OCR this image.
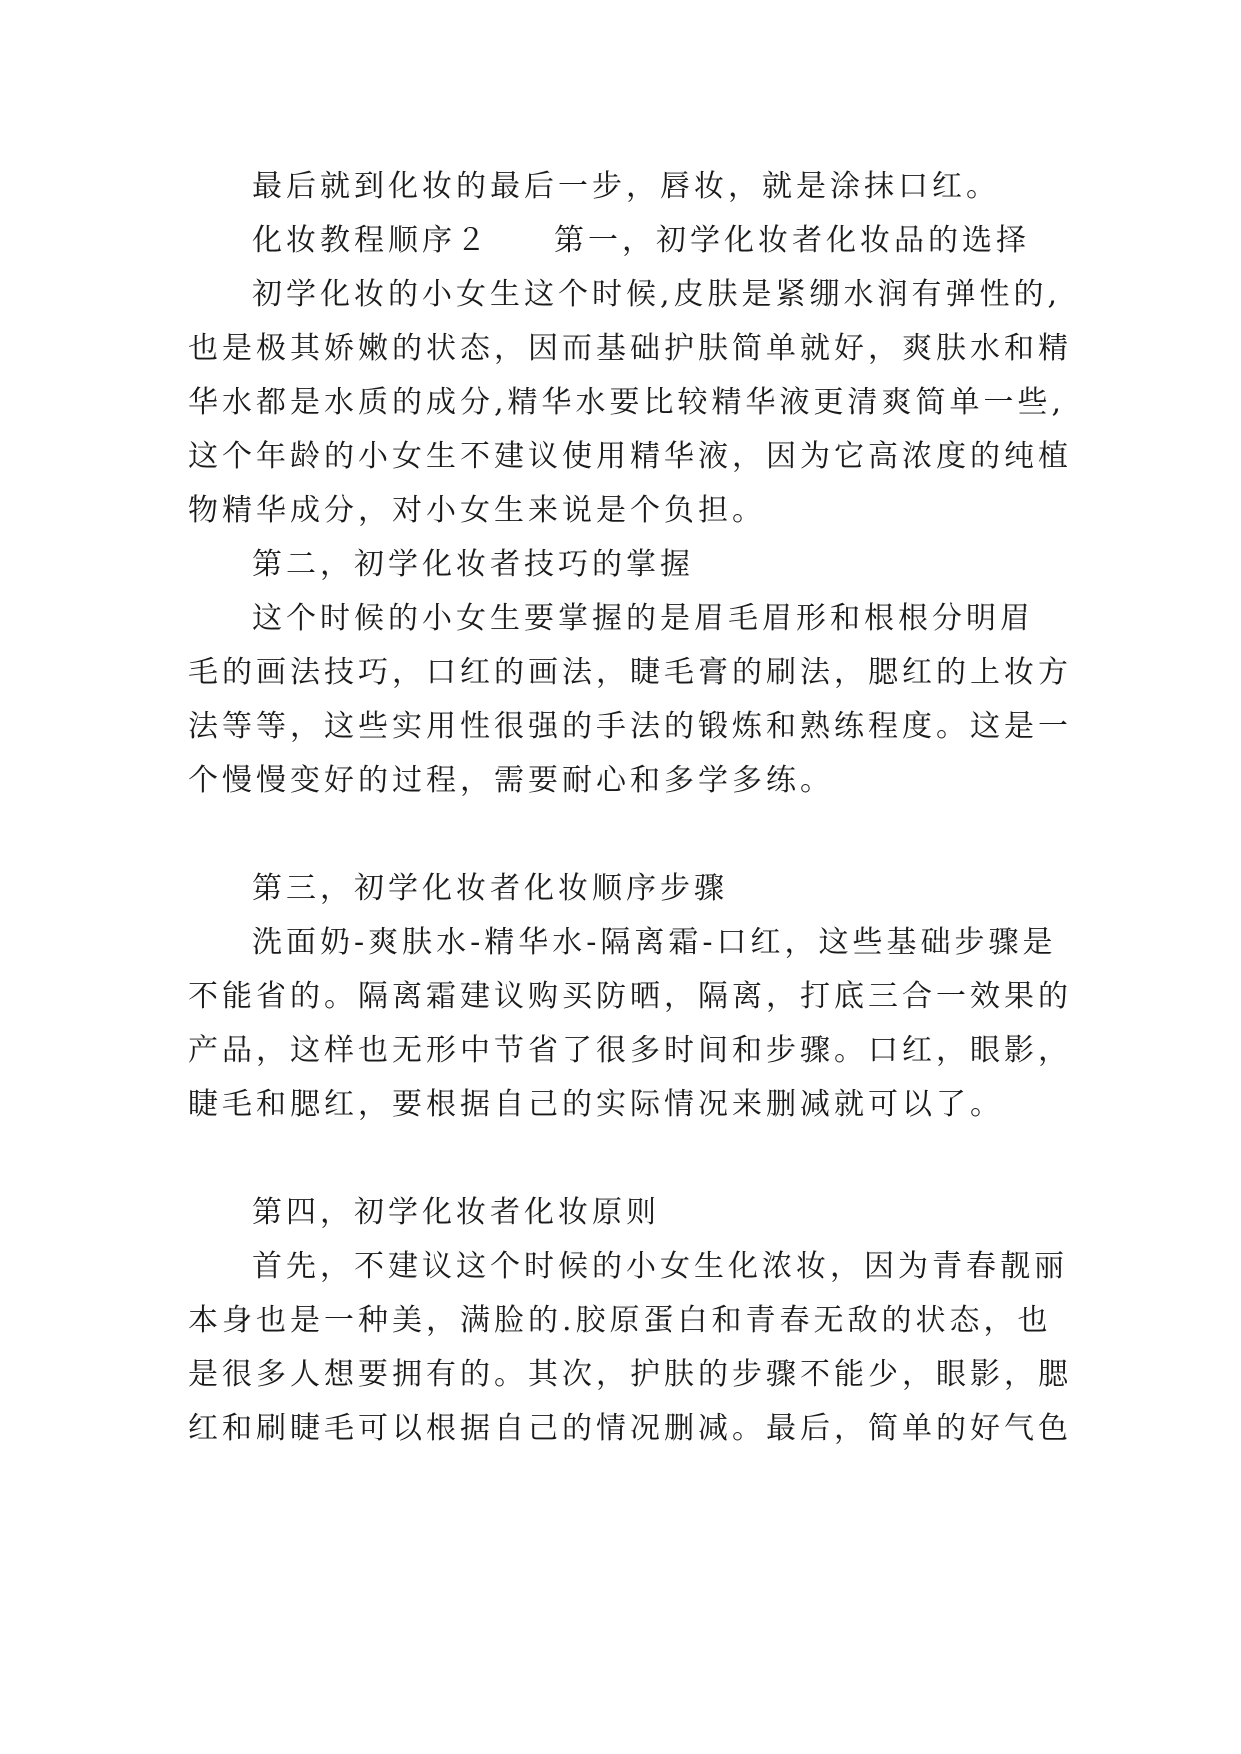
最后就到化妆的最后一步，唇妆，就是涂抹口红。

化妆教程顺序２ 第一，初学化妆者化妆品的选择

初学化妆的小女生这个时候,皮肤是紧绷水润有弹性的,
也是极其娇嫩的状态，因而基础护肤简单就好，爽肤水和精
华水都是水质的成分,精华水要比较精华液更清爽简单一些,
这个年龄的小女生不建议使用精华液，因为它高浓度的纯植
物精华成分，对小女生来说是个负担。

第二，初学化妆者技巧的掌握

这个时候的小女生要掌握的是眉毛眉形和根根分明眉
毛的画法技巧，口红的画法，睫毛膏的刷法，腮红的上妆方
法等等，这些实用性很强的手法的锻炼和熟练程度。这是一
个慢慢变好的过程，需要耐心和多学多练。

第三，初学化妆者化妆顺序步骤

洗面奶-爽肤水-精华水-隔离霜-口红，这些基础步骤是
不能省的。隔离霜建议购买防晒，隔离，打底三合一效果的
产品，这样也无形中节省了很多时间和步骤。口红，眼影，
睫毛和腮红，要根据自己的实际情况来删减就可以了。

第四，初学化妆者化妆原则

首先，不建议这个时候的小女生化浓妆，因为青春靓丽
本身也是一种美，满脸的.胶原蛋白和青春无敌的状态，也
是很多人想要拥有的。其次，护肤的步骤不能少，眼影，腮
红和刷睫毛可以根据自己的情况删减。最后，简单的好气色
